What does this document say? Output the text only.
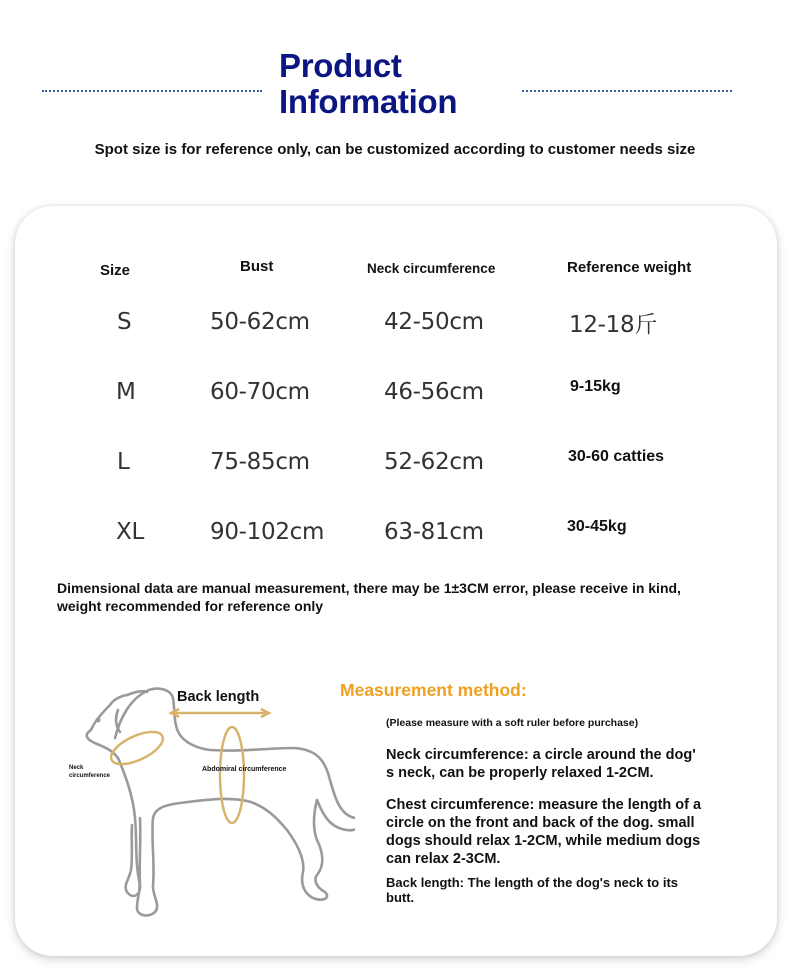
Product
Information
Spot size is for reference only, can be customized according to customer needs size
Size	Bust	Neck circumference	Reference weight
S	50-62cm	42-50cm	12-18斤
M	60-70cm	46-56cm	9-15kg
L	75-85cm	52-62cm	30-60 catties
XL	90-102cm	63-81cm	30-45kg
Dimensional data are manual measurement, there may be 1±3CM error, please receive in kind,
weight recommended for reference only
Back length
Neck
circumference
Abdomiral circumference
Measurement method:
(Please measure with a soft ruler before purchase)
Neck circumference: a circle around the dog'
s neck, can be properly relaxed 1-2CM.
Chest circumference: measure the length of a
circle on the front and back of the dog. small
dogs should relax 1-2CM, while medium dogs
can relax 2-3CM.
Back length: The length of the dog's neck to its
butt.
